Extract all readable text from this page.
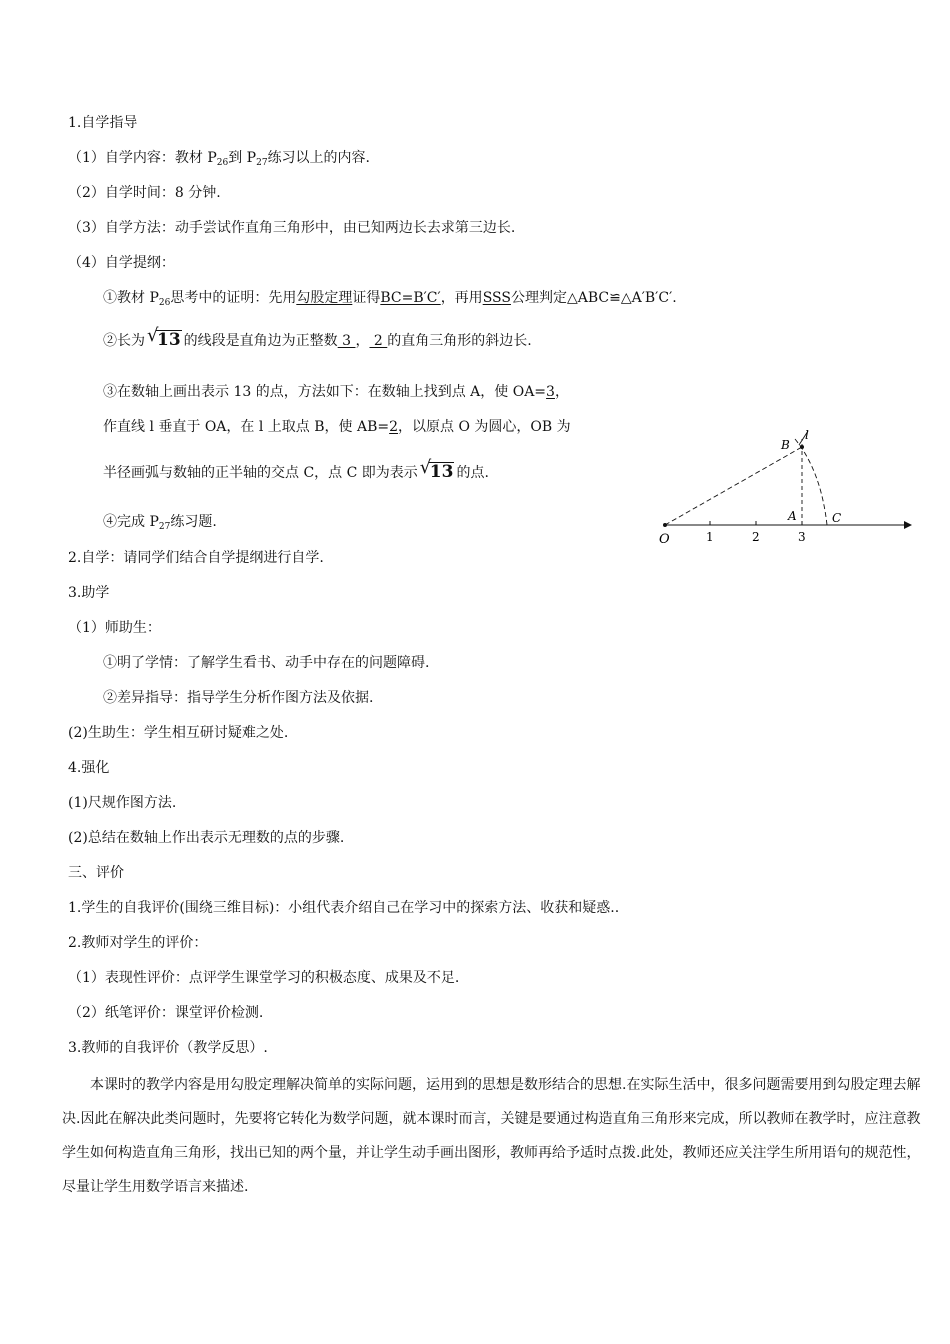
1.自学指导
（1）自学内容：教材 $P_{26}$到 $P_{27}$练习以上的内容.
（2）自学时间：8 分钟.
（3）自学方法：动手尝试作直角三角形中，由已知两边长去求第三边长.
（4）自学提纲：
①教材 $P_{26}$思考中的证明：先用勾股定理证得BC=B′C′，再用SSS公理判定△ABC≌△A′B′C′.
②长为 √
13 的线段是直角边为正整数 3 ， 2 的直角三角形的斜边长.
③在数轴上画出表示 13 的点，方法如下：在数轴上找到点 A，使 OA=3，
作直线 l 垂直于 OA，在 l 上取点 B，使 AB=2，以原点 O 为圆心，OB 为
半径画弧与数轴的正半轴的交点 C，点 C 即为表示 √
13 的点.
④完成 $P_{27}$练习题.
O	1	2	3
A
B
C
l
2.自学：请同学们结合自学提纲进行自学.
3.助学
（1）师助生：
①明了学情：了解学生看书、动手中存在的问题障碍.
②差异指导：指导学生分析作图方法及依据.
(2)生助生：学生相互研讨疑难之处.
4.强化
(1)尺规作图方法.
(2)总结在数轴上作出表示无理数的点的步骤.
三、评价
1.学生的自我评价(围绕三维目标)：小组代表介绍自己在学习中的探索方法、收获和疑惑..
2.教师对学生的评价：
（1）表现性评价：点评学生课堂学习的积极态度、成果及不足.
（2）纸笔评价：课堂评价检测.
3.教师的自我评价（教学反思）.
本课时的教学内容是用勾股定理解决简单的实际问题，运用到的思想是数形结合的思想.在实际生活中，很多问题需要用到勾股定理去解决.因此在解决此类问题时，先要将它转化为数学问题，就本课时而言，关键是要通过构造直角三角形来完成，所以教师在教学时，应注意教学生如何构造直角三角形，找出已知的两个量，并让学生动手画出图形，教师再给予适时点拨.此处，教师还应关注学生所用语句的规范性，尽量让学生用数学语言来描述.
